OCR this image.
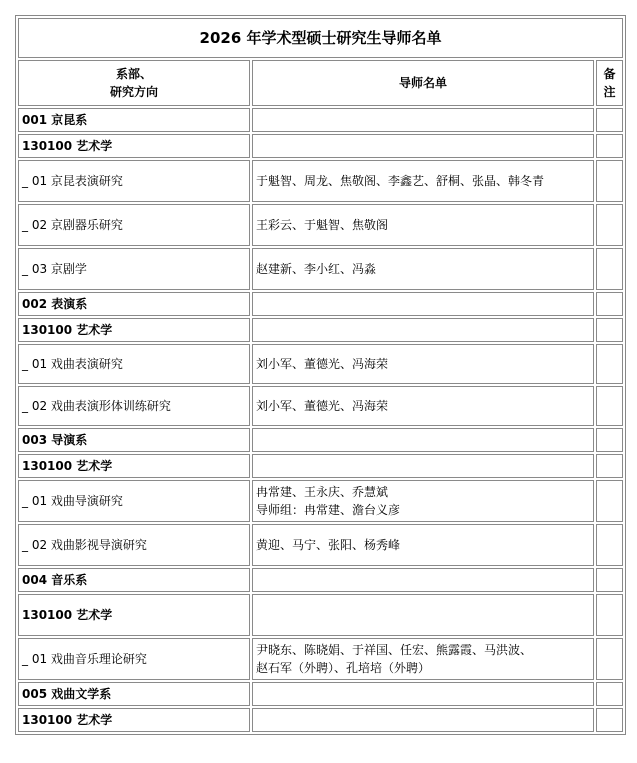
2026 年学术型硕士研究生导师名单		
系部、
研究方向	导师名单	备
注
001 京昆系		
130100 艺术学		
_ 01 京昆表演研究	于魁智、周龙、焦敬阁、李鑫艺、舒桐、张晶、韩冬青	
_ 02 京剧器乐研究	王彩云、于魁智、焦敬阁	
_ 03 京剧学	赵建新、李小红、冯淼	
002 表演系		
130100 艺术学		
_ 01 戏曲表演研究	刘小军、董德光、冯海荣	
_ 02 戏曲表演形体训练研究	刘小军、董德光、冯海荣	
003 导演系		
130100 艺术学		
_ 01 戏曲导演研究	冉常建、王永庆、乔慧斌
导师组：冉常建、澹台义彦	
_ 02 戏曲影视导演研究	黄迎、马宁、张阳、杨秀峰	
004 音乐系		
130100 艺术学		
_ 01 戏曲音乐理论研究	尹晓东、陈晓娟、于祥国、任宏、熊露霞、马洪波、
赵石军（外聘）、孔培培（外聘）	
005 戏曲文学系		
130100 艺术学		
